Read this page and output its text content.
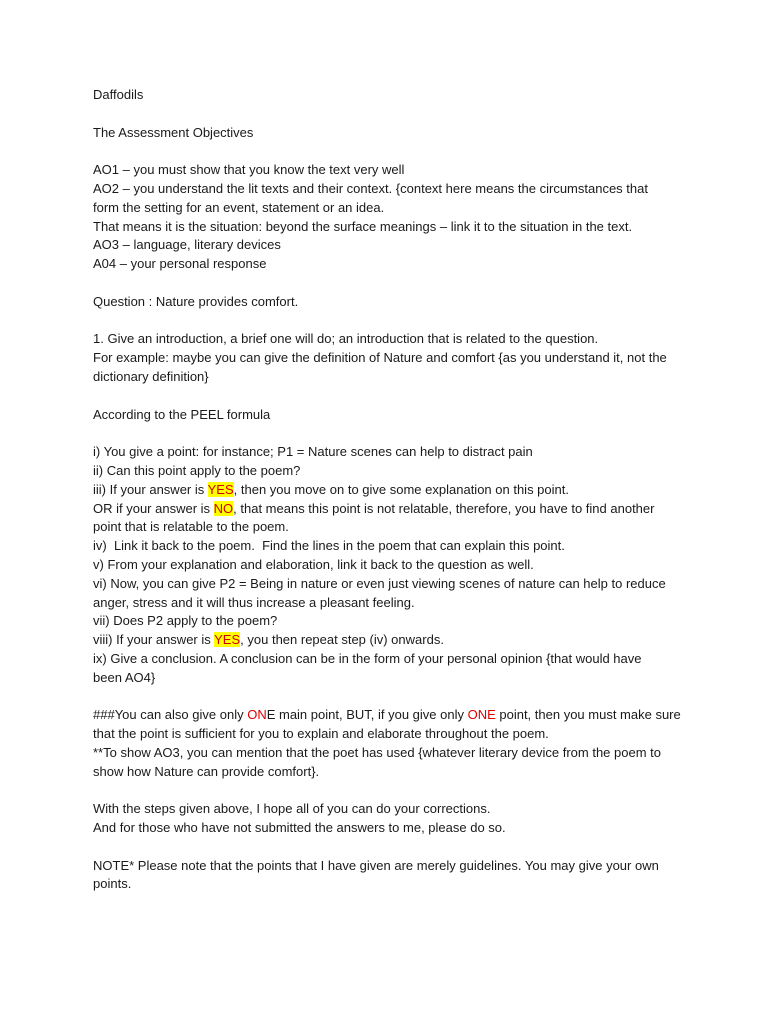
Daffodils
The Assessment Objectives
AO1 – you must show that you know the text very well
AO2 – you understand the lit texts and their context. {context here means the circumstances that
form the setting for an event, statement or an idea.
That means it is the situation: beyond the surface meanings – link it to the situation in the text.
AO3 – language, literary devices
A04 – your personal response
Question : Nature provides comfort.
1. Give an introduction, a brief one will do; an introduction that is related to the question.
For example: maybe you can give the definition of Nature and comfort {as you understand it, not the
dictionary definition}
According to the PEEL formula
i) You give a point: for instance; P1 = Nature scenes can help to distract pain
ii) Can this point apply to the poem?
iii) If your answer is YES, then you move on to give some explanation on this point.
OR if your answer is NO, that means this point is not relatable, therefore, you have to find another
point that is relatable to the poem.
iv)  Link it back to the poem.  Find the lines in the poem that can explain this point.
v) From your explanation and elaboration, link it back to the question as well.
vi) Now, you can give P2 = Being in nature or even just viewing scenes of nature can help to reduce
anger, stress and it will thus increase a pleasant feeling.
vii) Does P2 apply to the poem?
viii) If your answer is YES, you then repeat step (iv) onwards.
ix) Give a conclusion. A conclusion can be in the form of your personal opinion {that would have
been AO4}
###You can also give only ONE main point, BUT, if you give only ONE point, then you must make sure
that the point is sufficient for you to explain and elaborate throughout the poem.
**To show AO3, you can mention that the poet has used {whatever literary device from the poem to
show how Nature can provide comfort}.
With the steps given above, I hope all of you can do your corrections.
And for those who have not submitted the answers to me, please do so.
NOTE* Please note that the points that I have given are merely guidelines. You may give your own
points.
